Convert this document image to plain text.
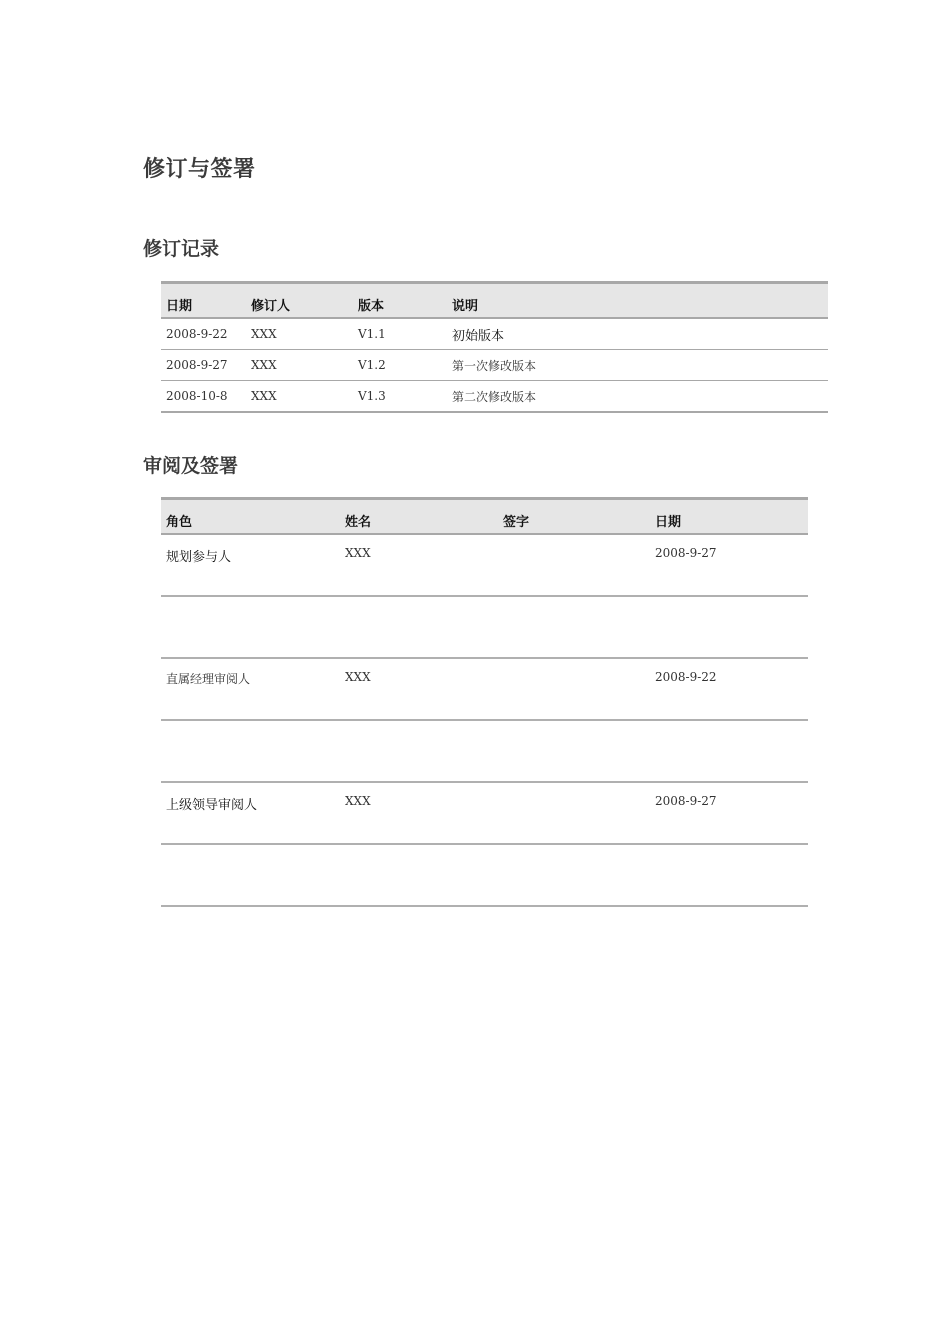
修订与签署
修订记录
日期	修订人	版本	说明
2008-9-22	XXX	V1.1	初始版本
2008-9-27	XXX	V1.2	第一次修改版本
2008-10-8	XXX	V1.3	第二次修改版本
审阅及签署
角色	姓名	签字	日期
规划参与人	XXX		2008-9-27

直属经理审阅人	XXX		2008-9-22

上级领导审阅人	XXX		2008-9-27
